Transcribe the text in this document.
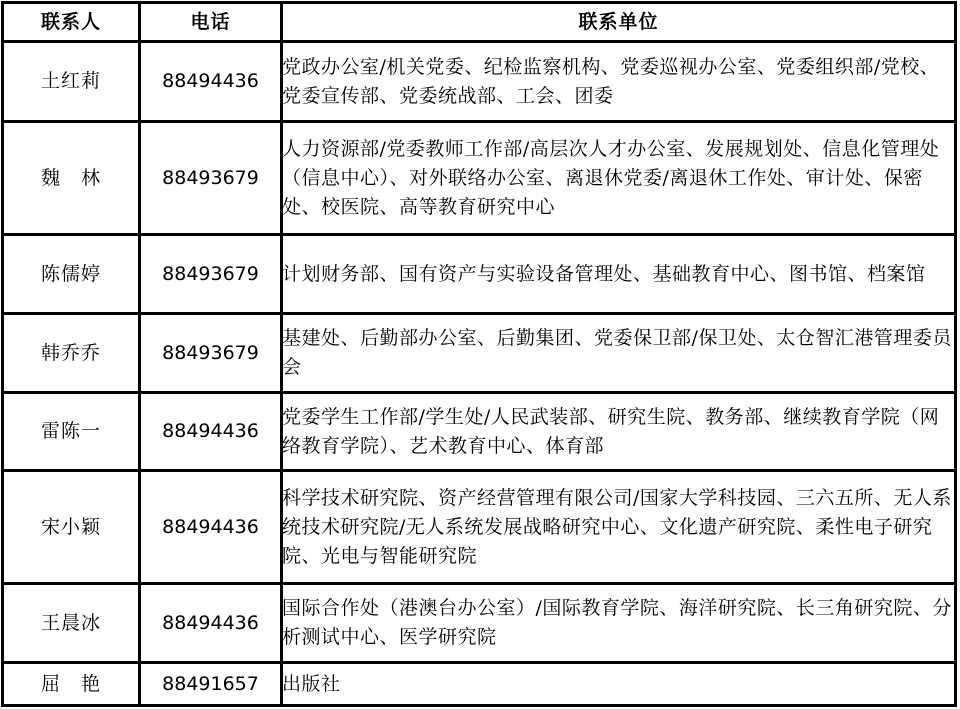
联系人	电话	联系单位
土红莉	88494436	党政办公室/机关党委、纪检监察机构、党委巡视办公室、党委组织部/党校、党委宣传部、党委统战部、工会、团委
魏　林	88493679	人力资源部/党委教师工作部/高层次人才办公室、发展规划处、信息化管理处（信息中心）、对外联络办公室、离退休党委/离退休工作处、审计处、保密处、校医院、高等教育研究中心
陈儒婷	88493679	计划财务部、国有资产与实验设备管理处、基础教育中心、图书馆、档案馆
韩乔乔	88493679	基建处、后勤部办公室、后勤集团、党委保卫部/保卫处、太仓智汇港管理委员会
雷陈一	88494436	党委学生工作部/学生处/人民武装部、研究生院、教务部、继续教育学院（网络教育学院）、艺术教育中心、体育部
宋小颖	88494436	科学技术研究院、资产经营管理有限公司/国家大学科技园、三六五所、无人系统技术研究院/无人系统发展战略研究中心、文化遗产研究院、柔性电子研究院、光电与智能研究院
王晨冰	88494436	国际合作处（港澳台办公室）/国际教育学院、海洋研究院、长三角研究院、分析测试中心、医学研究院
屈　艳	88491657	出版社
